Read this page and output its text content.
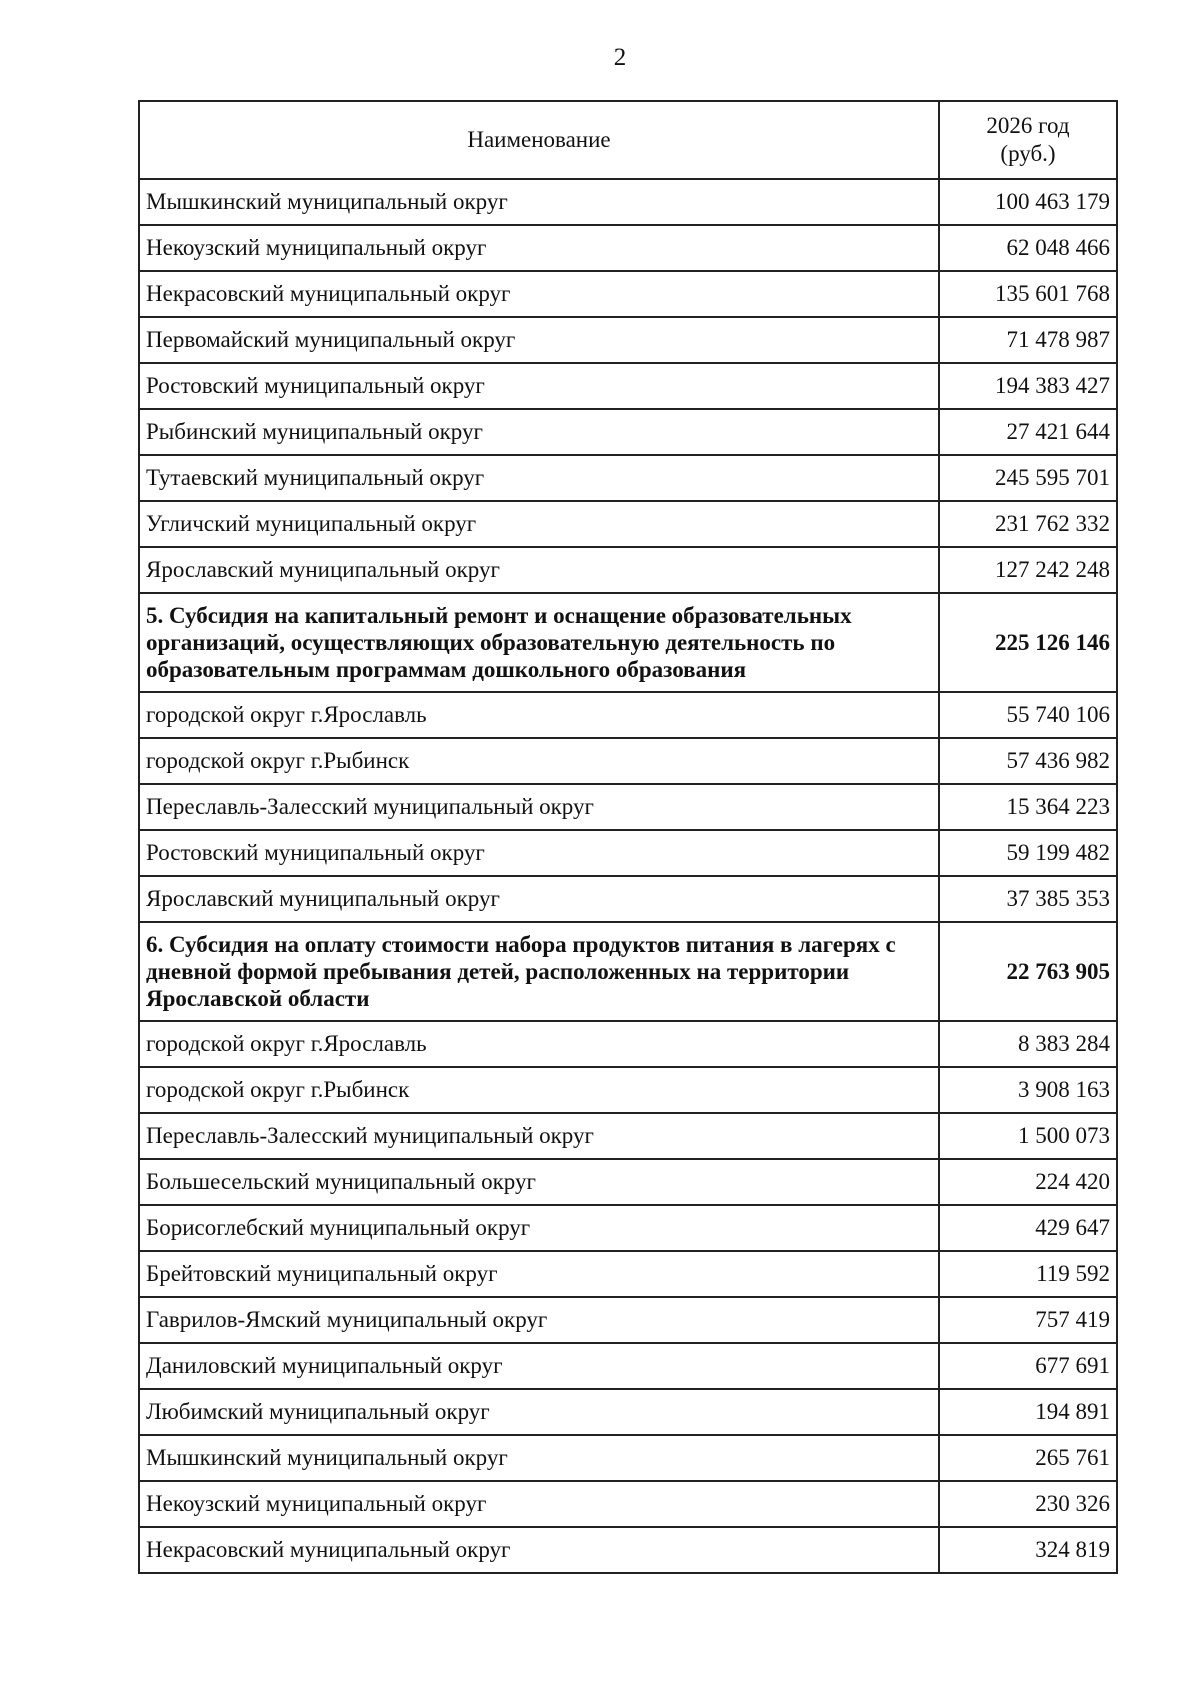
2
Наименование	2026 год
(руб.)

Мышкинский муниципальный округ	100 463 179
Некоузский муниципальный округ	62 048 466
Некрасовский муниципальный округ	135 601 768
Первомайский муниципальный округ	71 478 987
Ростовский муниципальный округ	194 383 427
Рыбинский муниципальный округ	27 421 644
Тутаевский муниципальный округ	245 595 701
Угличский муниципальный округ	231 762 332
Ярославский муниципальный округ	127 242 248
5. Субсидия на капитальный ремонт и оснащение образовательных организаций, осуществляющих образовательную деятельность по образовательным программам дошкольного образования	225 126 146
городской округ г.Ярославль	55 740 106
городской округ г.Рыбинск	57 436 982
Переславль-Залесский муниципальный округ	15 364 223
Ростовский муниципальный округ	59 199 482
Ярославский муниципальный округ	37 385 353
6. Субсидия на оплату стоимости набора продуктов питания в лагерях с дневной формой пребывания детей, расположенных на территории Ярославской области	22 763 905
городской округ г.Ярославль	8 383 284
городской округ г.Рыбинск	3 908 163
Переславль-Залесский муниципальный округ	1 500 073
Большесельский муниципальный округ	224 420
Борисоглебский муниципальный округ	429 647
Брейтовский муниципальный округ	119 592
Гаврилов-Ямский муниципальный округ	757 419
Даниловский муниципальный округ	677 691
Любимский муниципальный округ	194 891
Мышкинский муниципальный округ	265 761
Некоузский муниципальный округ	230 326
Некрасовский муниципальный округ	324 819
